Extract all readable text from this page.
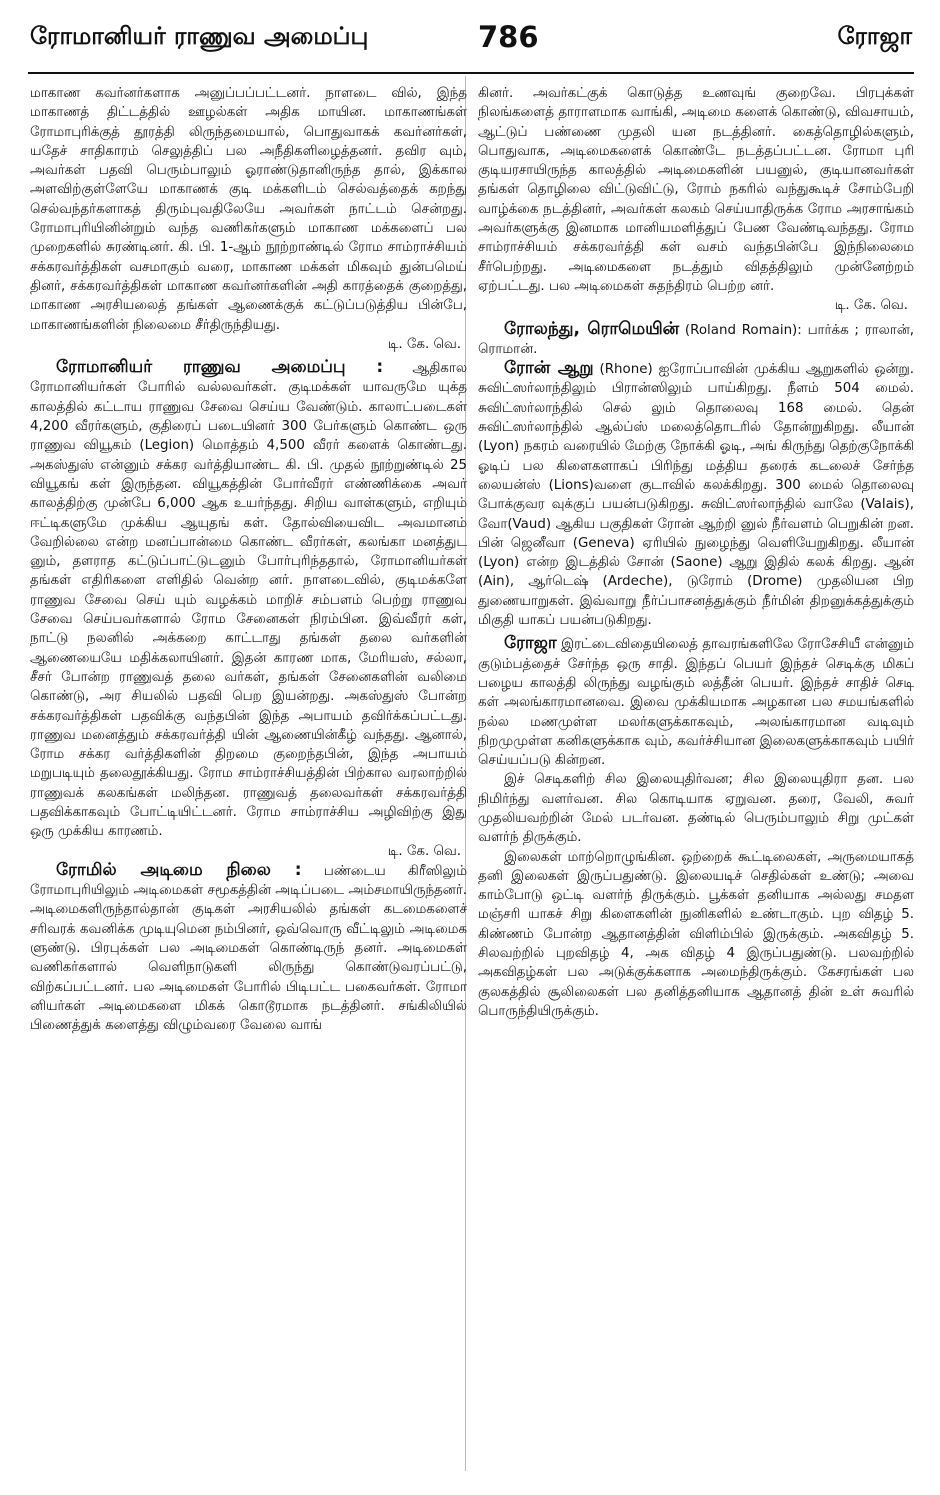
ரோமானியர் ராணுவ அமைப்பு	786	ரோஜா

மாகாண கவர்னர்களாக அனுப்பப்பட்டனர். நாளடை வில், இந்த மாகாணத் திட்டத்தில் ஊழல்கள் அதிக மாயின. மாகாணங்கள் ரோமாபுரிக்குத் தூரத்தி லிருந்தமையால், பொதுவாகக் கவர்னர்கள், யதேச் சாதிகாரம் செலுத்திப் பல அநீதிகளிழைத்தனர். தவிர வும், அவர்கள் பதவி பெரும்பாலும் ஓராண்டுதானிருந்த தால், இக்கால அளவிற்குள்ளேயே மாகாணக் குடி மக்களிடம் செல்வத்தைக் கறந்து செல்வந்தர்களாகத் திரும்புவதிலேயே அவர்கள் நாட்டம் சென்றது. ரோமாபுரியினின்றும் வந்த வணிகர்களும் மாகாண மக்களைப் பல முறைகளில் சுரண்டினர். கி. பி. 1-ஆம் நூற்றாண்டில் ரோம சாம்ராச்சியம் சக்கரவர்த்திகள் வசமாகும் வரை, மாகாண மக்கள் மிகவும் துன்பமெய் தினர், சக்கரவர்த்திகள் மாகாண கவர்னர்களின் அதி காரத்தைக் குறைத்து, மாகாண அரசியலைத் தங்கள் ஆணைக்குக் கட்டுப்படுத்திய பின்பே, மாகாணங்களின் நிலைமை சீர்திருந்தியது.

டி. கே. வெ.

ரோமானியர் ராணுவ அமைப்பு : ஆதிகால ரோமானியர்கள் போரில் வல்லவர்கள். குடிமக்கள் யாவருமே யுக்த காலத்தில் கட்டாய ராணுவ சேவை செய்ய வேண்டும். காலாட்படைகள் 4,200 வீரர்களும், குதிரைப் படையினர் 300 பேர்களும் கொண்ட ஒரு ராணுவ வியூகம் (Legion) மொத்தம் 4,500 வீரர் களைக் கொண்டது. அகஸ்துஸ் என்னும் சக்கர வர்த்தியாண்ட கி. பி. முதல் நூற்றுண்டில் 25 வியூகங் கள் இருந்தன. வியூகத்தின் போர்வீரர் எண்ணிக்கை அவர் காலத்திற்கு முன்பே 6,000 ஆக உயர்ந்தது. சிறிய வாள்களும், எறியும் ஈட்டிகளுமே முக்கிய ஆயுதங் கள். தோல்வியைவிட அவமானம் வேறில்லை என்ற மனப்பான்மை கொண்ட வீரர்கள், கலங்கா மனத்துட னும், தளராத கட்டுப்பாட்டுடனும் போர்புரிந்ததால், ரோமானியர்கள் தங்கள் எதிரிகளை எளிதில் வென்ற னர். நாளடைவில், குடிமக்களே ராணுவ சேவை செய் யும் வழக்கம் மாறிச் சம்பளம் பெற்று ராணுவ சேவை செய்பவர்களால் ரோம சேனைகள் நிரம்பின. இவ்வீரர் கள், நாட்டு நலனில் அக்கறை காட்டாது தங்கள் தலை வர்களின் ஆணையையே மதிக்கலாயினர். இதன் காரண மாக, மேரியஸ், சல்லா, சீசர் போன்ற ராணுவத் தலை வர்கள், தங்கள் சேனைகளின் வலிமை கொண்டு, அர சியலில் பதவி பெற இயன்றது. அகஸ்துஸ் போன்ற சக்கரவர்த்திகள் பதவிக்கு வந்தபின் இந்த அபாயம் தவிர்க்கப்பட்டது. ராணுவ மனைத்தும் சக்கரவர்த்தி யின் ஆணையின்கீழ் வந்தது. ஆனால், ரோம சக்கர வர்த்திகளின் திறமை குறைந்தபின், இந்த அபாயம் மறுபடியும் தலைதூக்கியது. ரோம சாம்ராச்சியத்தின் பிற்கால வரலாற்றில் ராணுவக் கலகங்கள் மலிந்தன. ராணுவத் தலைவர்கள் சக்கரவர்த்தி பதவிக்காகவும் போட்டியிட்டனர். ரோம சாம்ராச்சிய அழிவிற்கு இது ஒரு முக்கிய காரணம்.

டி. கே. வெ.

ரோமில் அடிமை நிலை : பண்டைய கிரீஸிலும் ரோமாபுரியிலும் அடிமைகள் சமூகத்தின் அடிப்படை அம்சமாயிருந்தனர். அடிமைகளிருந்தால்தான் குடிகள் அரசியலில் தங்கள் கடமைகளைச் சரிவரக் கவனிக்க முடியுமென நம்பினர், ஒவ்வொரு வீட்டிலும் அடிமைக ளுண்டு. பிரபுக்கள் பல அடிமைகள் கொண்டிருந் தனர். அடிமைகள் வணிகர்களால் வெளிநாடுகளி லிருந்து கொண்டுவரப்பட்டு, விற்கப்பட்டனர். பல அடிமைகள் போரில் பிடிபட்ட பகைவர்கள். ரோமா னியர்கள் அடிமைகளை மிகக் கொடூரமாக நடத்தினர். சங்கிலியில் பிணைத்துக் களைத்து விழும்வரை வேலை வாங்

கினர். அவர்கட்குக் கொடுத்த உணவுங் குறைவே. பிரபுக்கள் நிலங்களைத் தாராளமாக வாங்கி, அடிமை களைக் கொண்டு, விவசாயம், ஆட்டுப் பண்ணை முதலி யன நடத்தினர். கைத்தொழில்களும், பொதுவாக, அடிமைகளைக் கொண்டே நடத்தப்பட்டன. ரோமா புரி குடியரசாயிருந்த காலத்தில் அடிமைகளின் பயனுல், குடியானவர்கள் தங்கள் தொழிலை விட்டுவிட்டு, ரோம் நகரில் வந்துகூடிச் சோம்பேறி வாழ்க்கை நடத்தினர், அவர்கள் கலகம் செய்யாதிருக்க ரோம அரசாங்கம் அவர்களுக்கு இனமாக மானியமளித்துப் பேண வேண்டிவந்தது. ரோம சாம்ராச்சியம் சக்கரவர்த்தி கள் வசம் வந்தபின்பே இந்நிலைமை சீர்பெற்றது. அடிமைகளை நடத்தும் விதத்திலும் முன்னேற்றம் ஏற்பட்டது. பல அடிமைகள் சுதந்திரம் பெற்ற னர்.

டி. கே. வெ.

ரோலந்து, ரொமெயின் (Roland Romain): பார்க்க ; ராலான், ரொமான்.

ரோன் ஆறு (Rhone) ஐரோப்பாவின் முக்கிய ஆறுகளில் ஒன்று. சுவிட்ஸர்லாந்திலும் பிரான்ஸிலும் பாய்கிறது. நீளம் 504 மைல். சுவிட்ஸர்லாந்தில் செல் லும் தொலைவு 168 மைல். தென் சுவிட்ஸர்லாந்தில் ஆல்ப்ஸ் மலைத்தொடரில் தோன்றுகிறது. லீயான் (Lyon) நகரம் வரையில் மேற்கு நோக்கி ஓடி, அங் கிருந்து தெற்குநோக்கி ஓடிப் பல கிளைகளாகப் பிரிந்து மத்திய தரைக் கடலைச் சேர்ந்த லையன்ஸ் (Lions)வளை குடாவில் கலக்கிறது. 300 மைல் தொலைவு போக்குவர வுக்குப் பயன்படுகிறது. சுவிட்ஸர்லாந்தில் வாலே (Valais), வோ(Vaud) ஆகிய பகுதிகள் ரோன் ஆற்றி னுல் நீர்வளம் பெறுகின் றன. பின் ஜெனீவா (Geneva) ஏரியில் நுழைந்து வெளியேறுகிறது. லீயான் (Lyon) என்ற இடத்தில் சோன் (Saone) ஆறு இதில் கலக் கிறது. ஆன் (Ain), ஆர்டெஷ் (Ardeche), டுரோம் (Drome) முதலியன பிற துணையாறுகள். இவ்வாறு நீர்ப்பாசனத்துக்கும் நீர்மின் திறனுக்கத்துக்கும் மிகுதி யாகப் பயன்படுகிறது.

ரோஜா இரட்டைவிதையிலைத் தாவரங்களிலே ரோசேசியீ என்னும் குடும்பத்தைச் சேர்ந்த ஒரு சாதி. இந்தப் பெயர் இந்தச் செடிக்கு மிகப் பழைய காலத்தி லிருந்து வழங்கும் லத்தீன் பெயர். இந்தச் சாதிச் செடி கள் அலங்காரமானவை. இவை முக்கியமாக அழகான பல சமயங்களில் நல்ல மணமுள்ள மலர்களுக்காகவும், அலங்காரமான வடிவும் நிறமுமுள்ள கனிகளுக்காக வும், கவர்ச்சியான இலைகளுக்காகவும் பயிர் செய்யப்படு கின்றன.

இச் செடிகளிற் சில இலையுதிர்வன; சில இலையுதிரா தன. பல நிமிர்ந்து வளர்வன. சில கொடியாக ஏறுவன. தரை, வேலி, சுவர் முதலியவற்றின் மேல் படர்வன. தண்டில் பெரும்பாலும் சிறு முட்கள் வளர்ந் திருக்கும்.

இலைகள் மாற்றொழுங்கின. ஒற்றைக் கூட்டிலைகள், அருமையாகத் தனி இலைகள் இருப்பதுண்டு. இலையடிச் செதில்கள் உண்டு; அவை காம்போடு ஒட்டி வளர்ந் திருக்கும். பூக்கள் தனியாக அல்லது சமதள மஞ்சரி யாகச் சிறு கிளைகளின் நுனிகளில் உண்டாகும். புற விதழ் 5. கிண்ணம் போன்ற ஆதானத்தின் விளிம்பில் இருக்கும். அகவிதழ் 5. சிலவற்றில் புறவிதழ் 4, அக விதழ் 4 இருப்பதுண்டு. பலவற்றில் அகவிதழ்கள் பல அடுக்குக்களாக அமைந்திருக்கும். கேசரங்கள் பல குலகத்தில் சூலிலைகள் பல தனித்தனியாக ஆதானத் தின் உள் சுவரில் பொருந்தியிருக்கும்.
